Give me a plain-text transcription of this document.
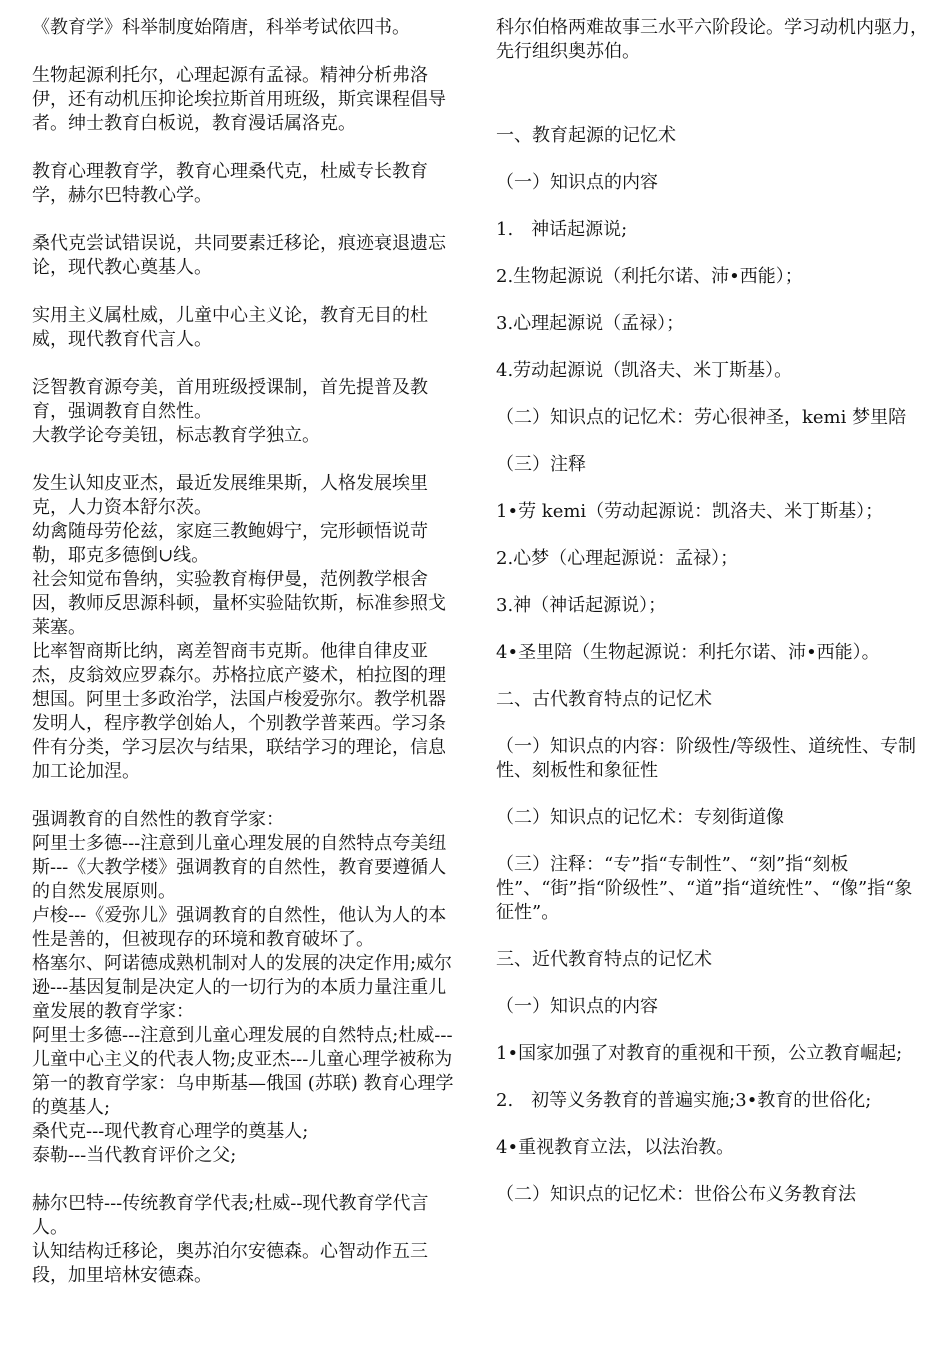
《教育学》科举制度始隋唐，科举考试依四书。

生物起源利托尔，心理起源有孟禄。精神分析弗洛伊，还有动机压抑论埃拉斯首用班级，斯宾课程倡导者。绅士教育白板说，教育漫话属洛克。

教育心理教育学，教育心理桑代克，杜威专长教育学，赫尔巴特教心学。

桑代克尝试错误说，共同要素迁移论，痕迹衰退遗忘论，现代教心奠基人。

实用主义属杜威，儿童中心主义论，教育无目的杜威，现代教育代言人。

泛智教育源夸美，首用班级授课制，首先提普及教育，强调教育自然性。

大教学论夸美钮，标志教育学独立。

发生认知皮亚杰，最近发展维果斯，人格发展埃里克，人力资本舒尔茨。

幼禽随母劳伦兹，家庭三教鲍姆宁，完形顿悟说苛勒，耶克多德倒∪线。

社会知觉布鲁纳，实验教育梅伊曼，范例教学根舍因，教师反思源科顿，量杯实验陆钦斯，标准参照戈莱塞。

比率智商斯比纳，离差智商韦克斯。他律自律皮亚杰，皮翁效应罗森尔。苏格拉底产婆术，柏拉图的理想国。阿里士多政治学，法国卢梭爱弥尔。教学机器发明人，程序教学创始人，个别教学普莱西。学习条件有分类，学习层次与结果，联结学习的理论，信息加工论加涅。

强调教育的自然性的教育学家：

阿里士多德---注意到儿童心理发展的自然特点夸美纽斯---《大教学楼》强调教育的自然性，教育要遵循人的自然发展原则。

卢梭---《爱弥儿》强调教育的自然性，他认为人的本性是善的，但被现存的环境和教育破坏了。

格塞尔、阿诺德成熟机制对人的发展的决定作用;威尔逊---基因复制是决定人的一切行为的本质力量注重儿童发展的教育学家：

阿里士多德---注意到儿童心理发展的自然特点;杜威---儿童中心主义的代表人物;皮亚杰---儿童心理学被称为第一的教育学家：乌申斯基—俄国 (苏联) 教育心理学的奠基人;

桑代克---现代教育心理学的奠基人;

泰勒---当代教育评价之父;

赫尔巴特---传统教育学代表;杜威--现代教育学代言人。

认知结构迁移论，奥苏泊尔安德森。心智动作五三段，加里培林安德森。

科尔伯格两难故事三水平六阶段论。学习动机内驱力，先行组织奥苏伯。

一、教育起源的记忆术

（一）知识点的内容

1.　神话起源说;

2.生物起源说（利托尔诺、沛•西能）；

3.心理起源说（孟禄）；

4.劳动起源说（凯洛夫、米丁斯基）。

（二）知识点的记忆术：劳心很神圣，kemi 梦里陪

（三）注释

1•劳 kemi（劳动起源说：凯洛夫、米丁斯基）；

2.心梦（心理起源说：孟禄）；

3.神（神话起源说）；

4•圣里陪（生物起源说：利托尔诺、沛•西能）。

二、古代教育特点的记忆术

（一）知识点的内容：阶级性/等级性、道统性、专制性、刻板性和象征性

（二）知识点的记忆术：专刻街道像

（三）注释：“专”指“专制性”、“刻”指“刻板性”、“街”指“阶级性”、“道”指“道统性”、“像”指“象征性”。

三、近代教育特点的记忆术

（一）知识点的内容

1•国家加强了对教育的重视和干预，公立教育崛起;

2.　初等义务教育的普遍实施;3•教育的世俗化;

4•重视教育立法，以法治教。

（二）知识点的记忆术：世俗公布义务教育法
